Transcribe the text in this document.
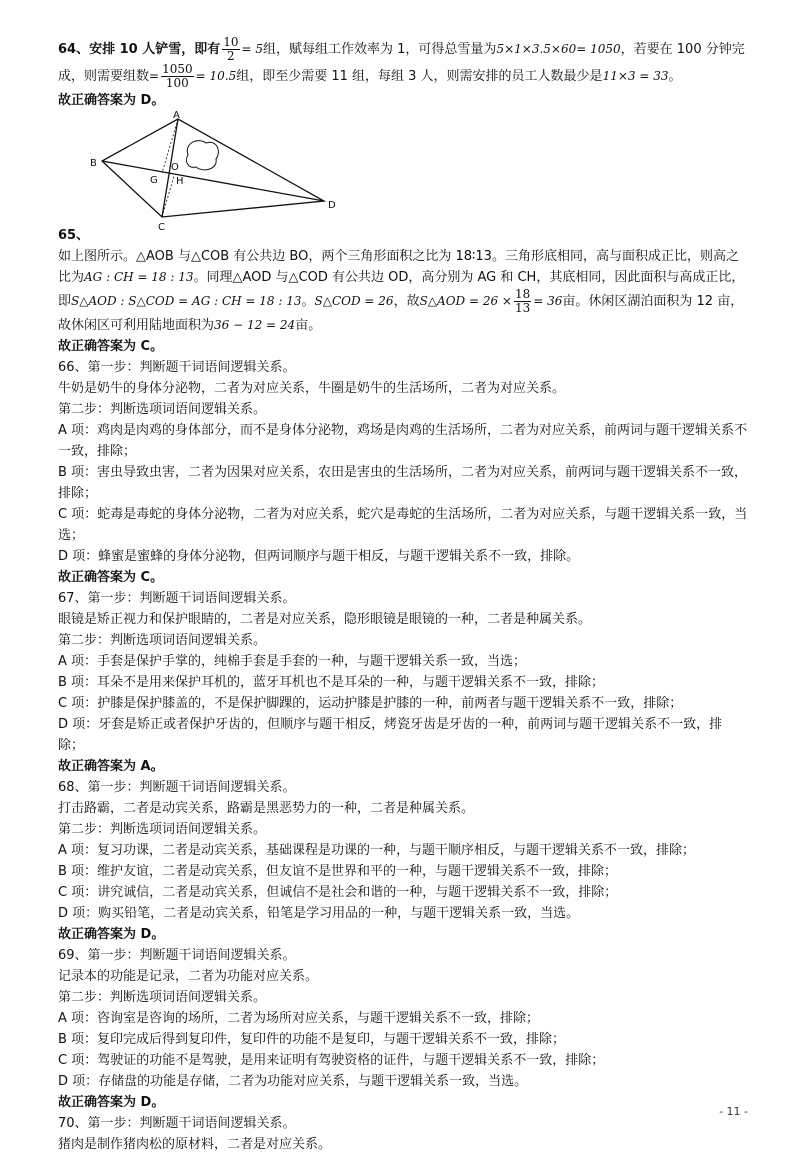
64、安排 10 人铲雪，即有 $\frac{10}{2} = 5$组，赋每组工作效率为 1，可得总雪量为5×1×3.5×60= 1050，若要在 100 分钟完成，则需要组数= $\frac{1050}{100} = 10.5$组，即至少需要 11 组，每组 3 人，则需安排的员工人数最少是11×3 = 33。

故正确答案为 D。

A
B
C
D
O
G H

65、

如上图所示。△AOB 与△COB 有公共边 BO，两个三角形面积之比为 18∶13。三角形底相同，高与面积成正比，则高之比为AG : CH = 18 : 13。同理△AOD 与△COD 有公共边 OD，高分别为 AG 和 CH，其底相同，因此面积与高成正比，即S△AOD : S△COD = AG : CH = 18 : 13。S△COD = 26，故S△AOD = $26 \times \frac{18}{13} = 36$亩。休闲区湖泊面积为 12 亩，故休闲区可利用陆地面积为36 − 12 = 24亩。

故正确答案为 C。

66、第一步：判断题干词语间逻辑关系。

牛奶是奶牛的身体分泌物，二者为对应关系，牛圈是奶牛的生活场所，二者为对应关系。

第二步：判断选项词语间逻辑关系。

A 项：鸡肉是肉鸡的身体部分，而不是身体分泌物，鸡场是肉鸡的生活场所，二者为对应关系，前两词与题干逻辑关系不一致，排除；

B 项：害虫导致虫害，二者为因果对应关系，农田是害虫的生活场所，二者为对应关系，前两词与题干逻辑关系不一致，排除；

C 项：蛇毒是毒蛇的身体分泌物，二者为对应关系，蛇穴是毒蛇的生活场所，二者为对应关系，与题干逻辑关系一致，当选；

D 项：蜂蜜是蜜蜂的身体分泌物，但两词顺序与题干相反，与题干逻辑关系不一致，排除。

故正确答案为 C。

67、第一步：判断题干词语间逻辑关系。

眼镜是矫正视力和保护眼睛的，二者是对应关系，隐形眼镜是眼镜的一种，二者是种属关系。

第二步：判断选项词语间逻辑关系。

A 项：手套是保护手掌的，纯棉手套是手套的一种，与题干逻辑关系一致，当选；

B 项：耳朵不是用来保护耳机的，蓝牙耳机也不是耳朵的一种，与题干逻辑关系不一致，排除；

C 项：护膝是保护膝盖的，不是保护脚踝的，运动护膝是护膝的一种，前两者与题干逻辑关系不一致，排除；

D 项：牙套是矫正或者保护牙齿的，但顺序与题干相反，烤瓷牙齿是牙齿的一种，前两词与题干逻辑关系不一致，排除；

故正确答案为 A。

68、第一步：判断题干词语间逻辑关系。

打击路霸，二者是动宾关系，路霸是黑恶势力的一种，二者是种属关系。

第二步：判断选项词语间逻辑关系。

A 项：复习功课，二者是动宾关系，基础课程是功课的一种，与题干顺序相反，与题干逻辑关系不一致，排除；

B 项：维护友谊，二者是动宾关系，但友谊不是世界和平的一种，与题干逻辑关系不一致，排除；

C 项：讲究诚信，二者是动宾关系，但诚信不是社会和谐的一种，与题干逻辑关系不一致，排除；

D 项：购买铅笔，二者是动宾关系，铅笔是学习用品的一种，与题干逻辑关系一致，当选。

故正确答案为 D。

69、第一步：判断题干词语间逻辑关系。

记录本的功能是记录，二者为功能对应关系。

第二步：判断选项词语间逻辑关系。

A 项：咨询室是咨询的场所，二者为场所对应关系，与题干逻辑关系不一致，排除；

B 项：复印完成后得到复印件，复印件的功能不是复印，与题干逻辑关系不一致，排除；

C 项：驾驶证的功能不是驾驶，是用来证明有驾驶资格的证件，与题干逻辑关系不一致，排除；

D 项：存储盘的功能是存储，二者为功能对应关系，与题干逻辑关系一致，当选。

故正确答案为 D。

70、第一步：判断题干词语间逻辑关系。

猪肉是制作猪肉松的原材料，二者是对应关系。

- 11 -
